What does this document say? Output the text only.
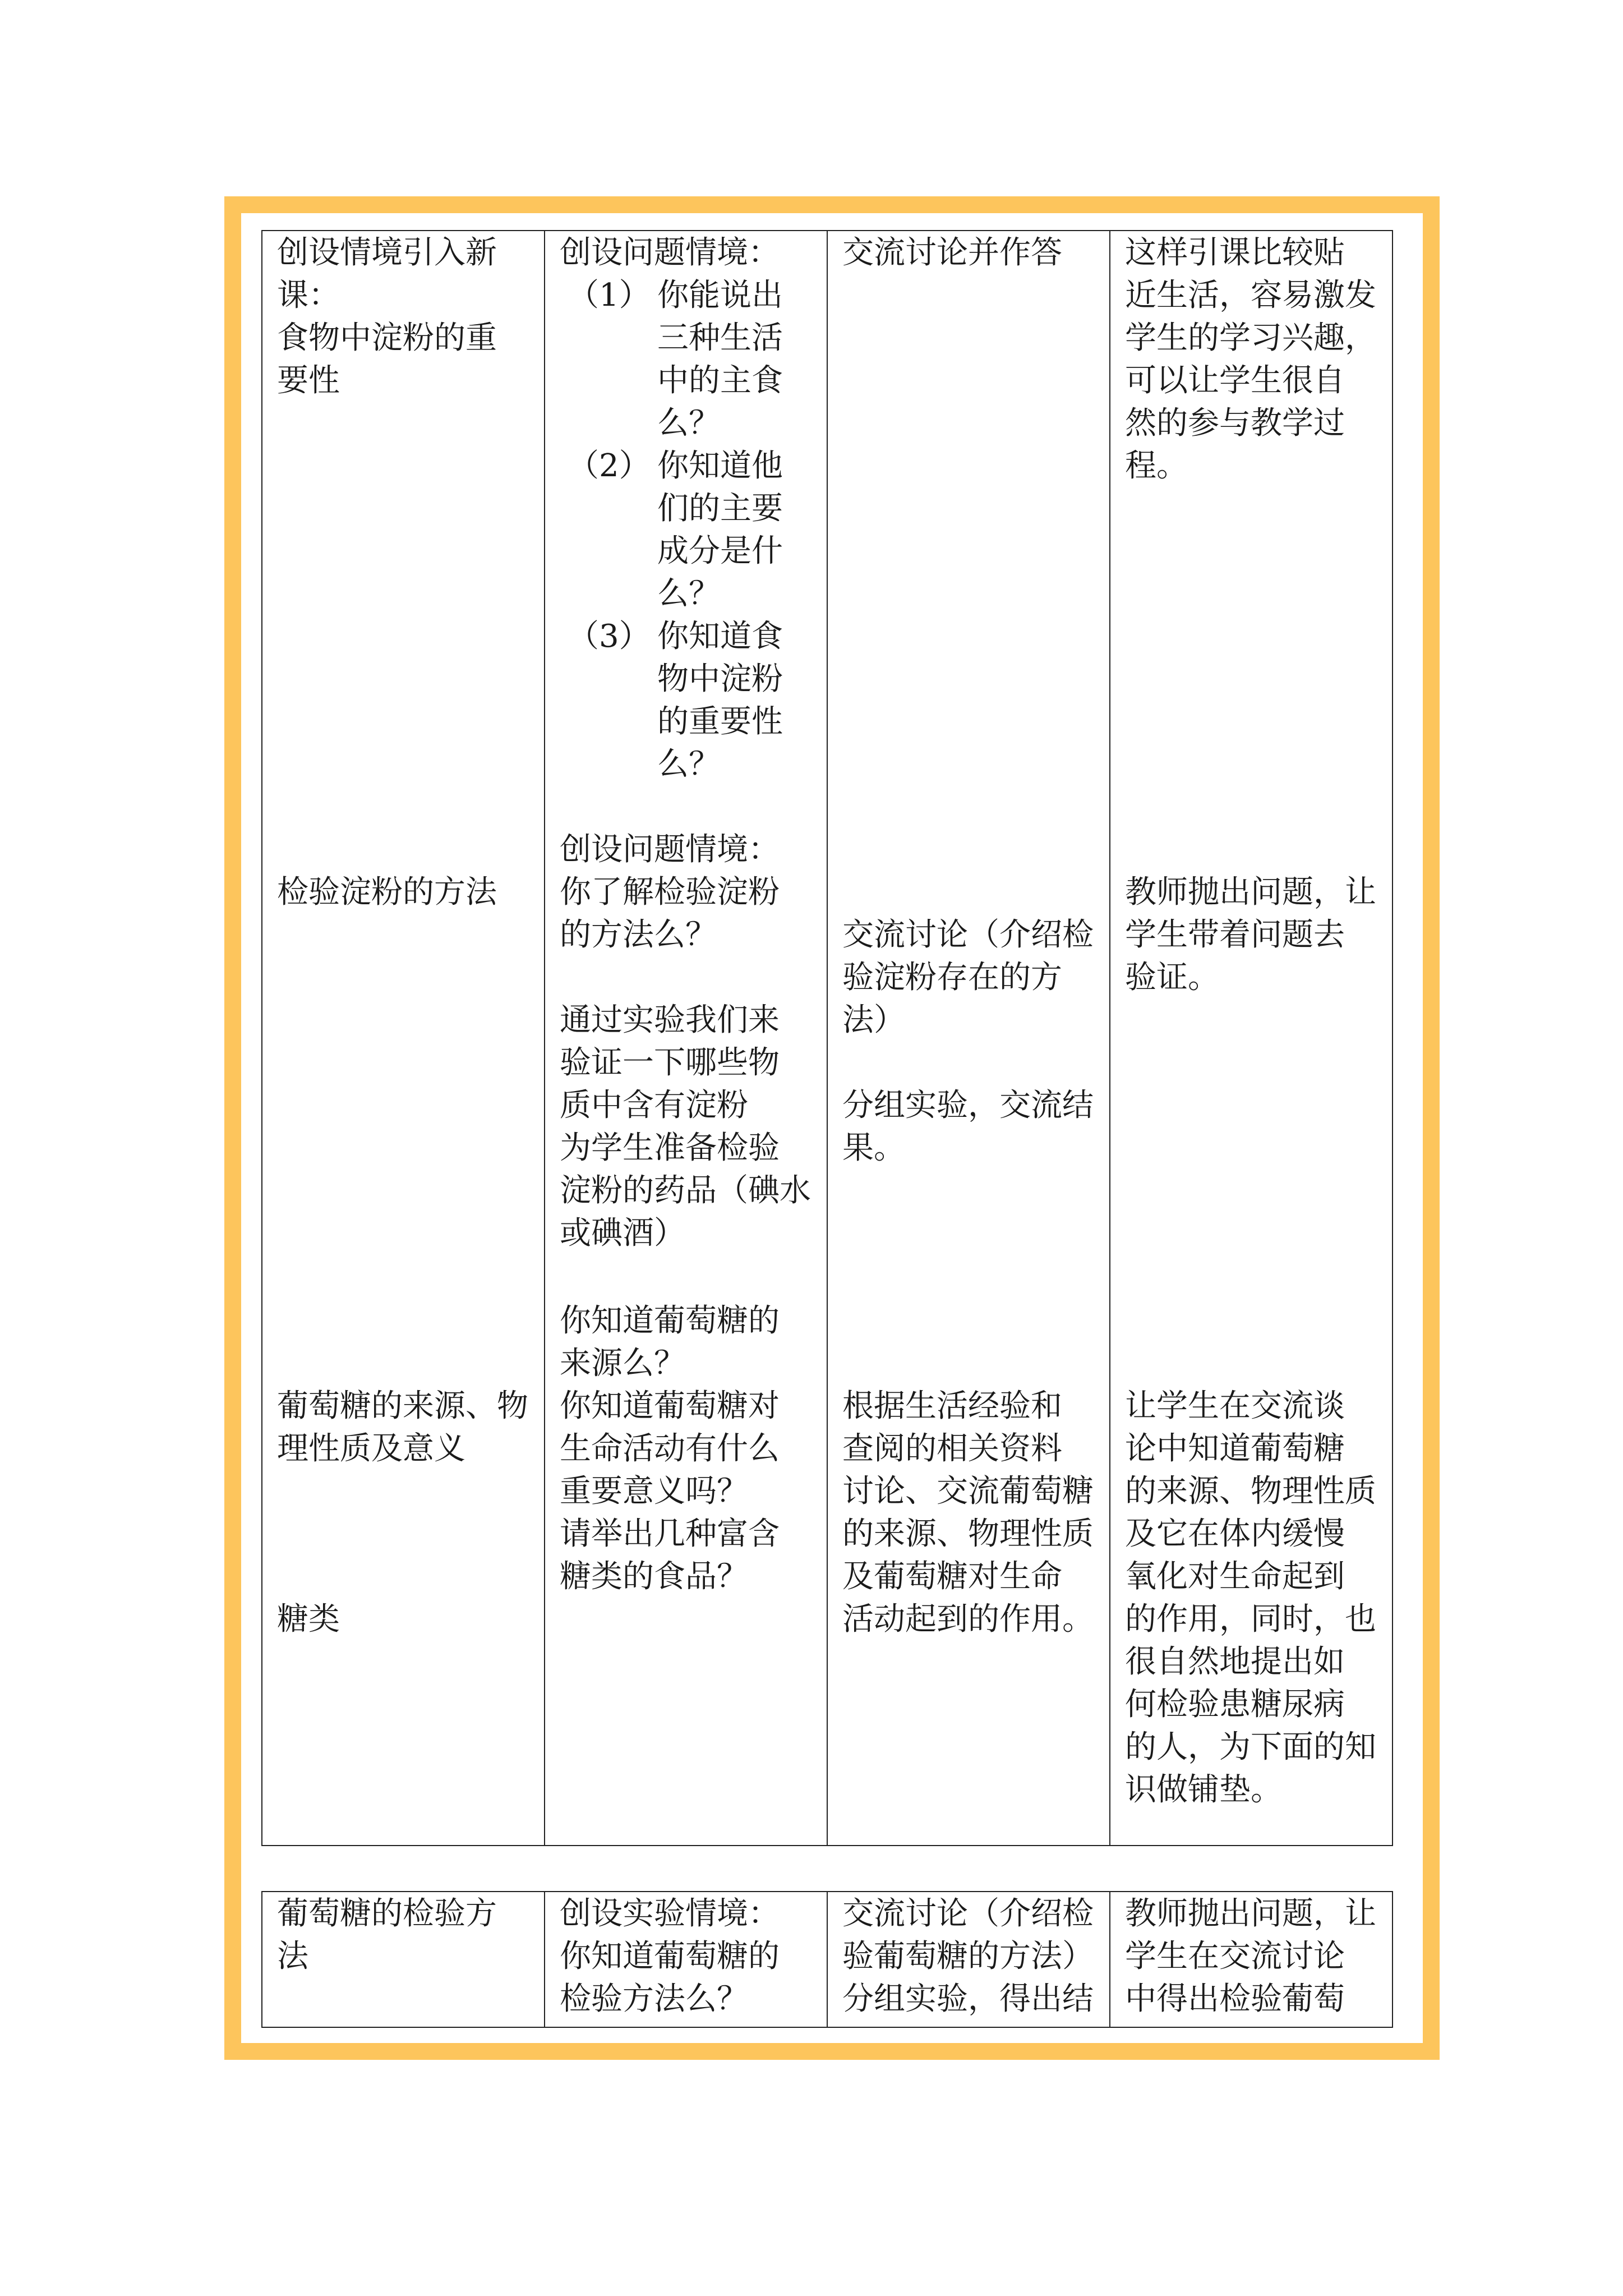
创设情境引入新

课：

食物中淀粉的重

要性

检验淀粉的方法

葡萄糖的来源、物

理性质及意义

糖类

创设问题情境：

（1） 你能说出

三种生活

中的主食

么？

（2） 你知道他

们的主要

成分是什

么？

（3） 你知道食

物中淀粉

的重要性

么？

创设问题情境：

你了解检验淀粉

的方法么？

通过实验我们来

验证一下哪些物

质中含有淀粉

为学生准备检验

淀粉的药品（碘水

或碘酒）

你知道葡萄糖的

来源么？

你知道葡萄糖对

生命活动有什么

重要意义吗？

请举出几种富含

糖类的食品？

交流讨论并作答

交流讨论（介绍检

验淀粉存在的方

法）

分组实验，交流结

果。

根据生活经验和

查阅的相关资料

讨论、交流葡萄糖

的来源、物理性质

及葡萄糖对生命

活动起到的作用。

这样引课比较贴

近生活，容易激发

学生的学习兴趣，

可以让学生很自

然的参与教学过

程。

教师抛出问题，让

学生带着问题去

验证。

让学生在交流谈

论中知道葡萄糖

的来源、物理性质

及它在体内缓慢

氧化对生命起到

的作用，同时，也

很自然地提出如

何检验患糖尿病

的人，为下面的知

识做铺垫。

葡萄糖的检验方

法

创设实验情境：

你知道葡萄糖的

检验方法么？

交流讨论（介绍检

验葡萄糖的方法）

分组实验，得出结

教师抛出问题，让

学生在交流讨论

中得出检验葡萄
